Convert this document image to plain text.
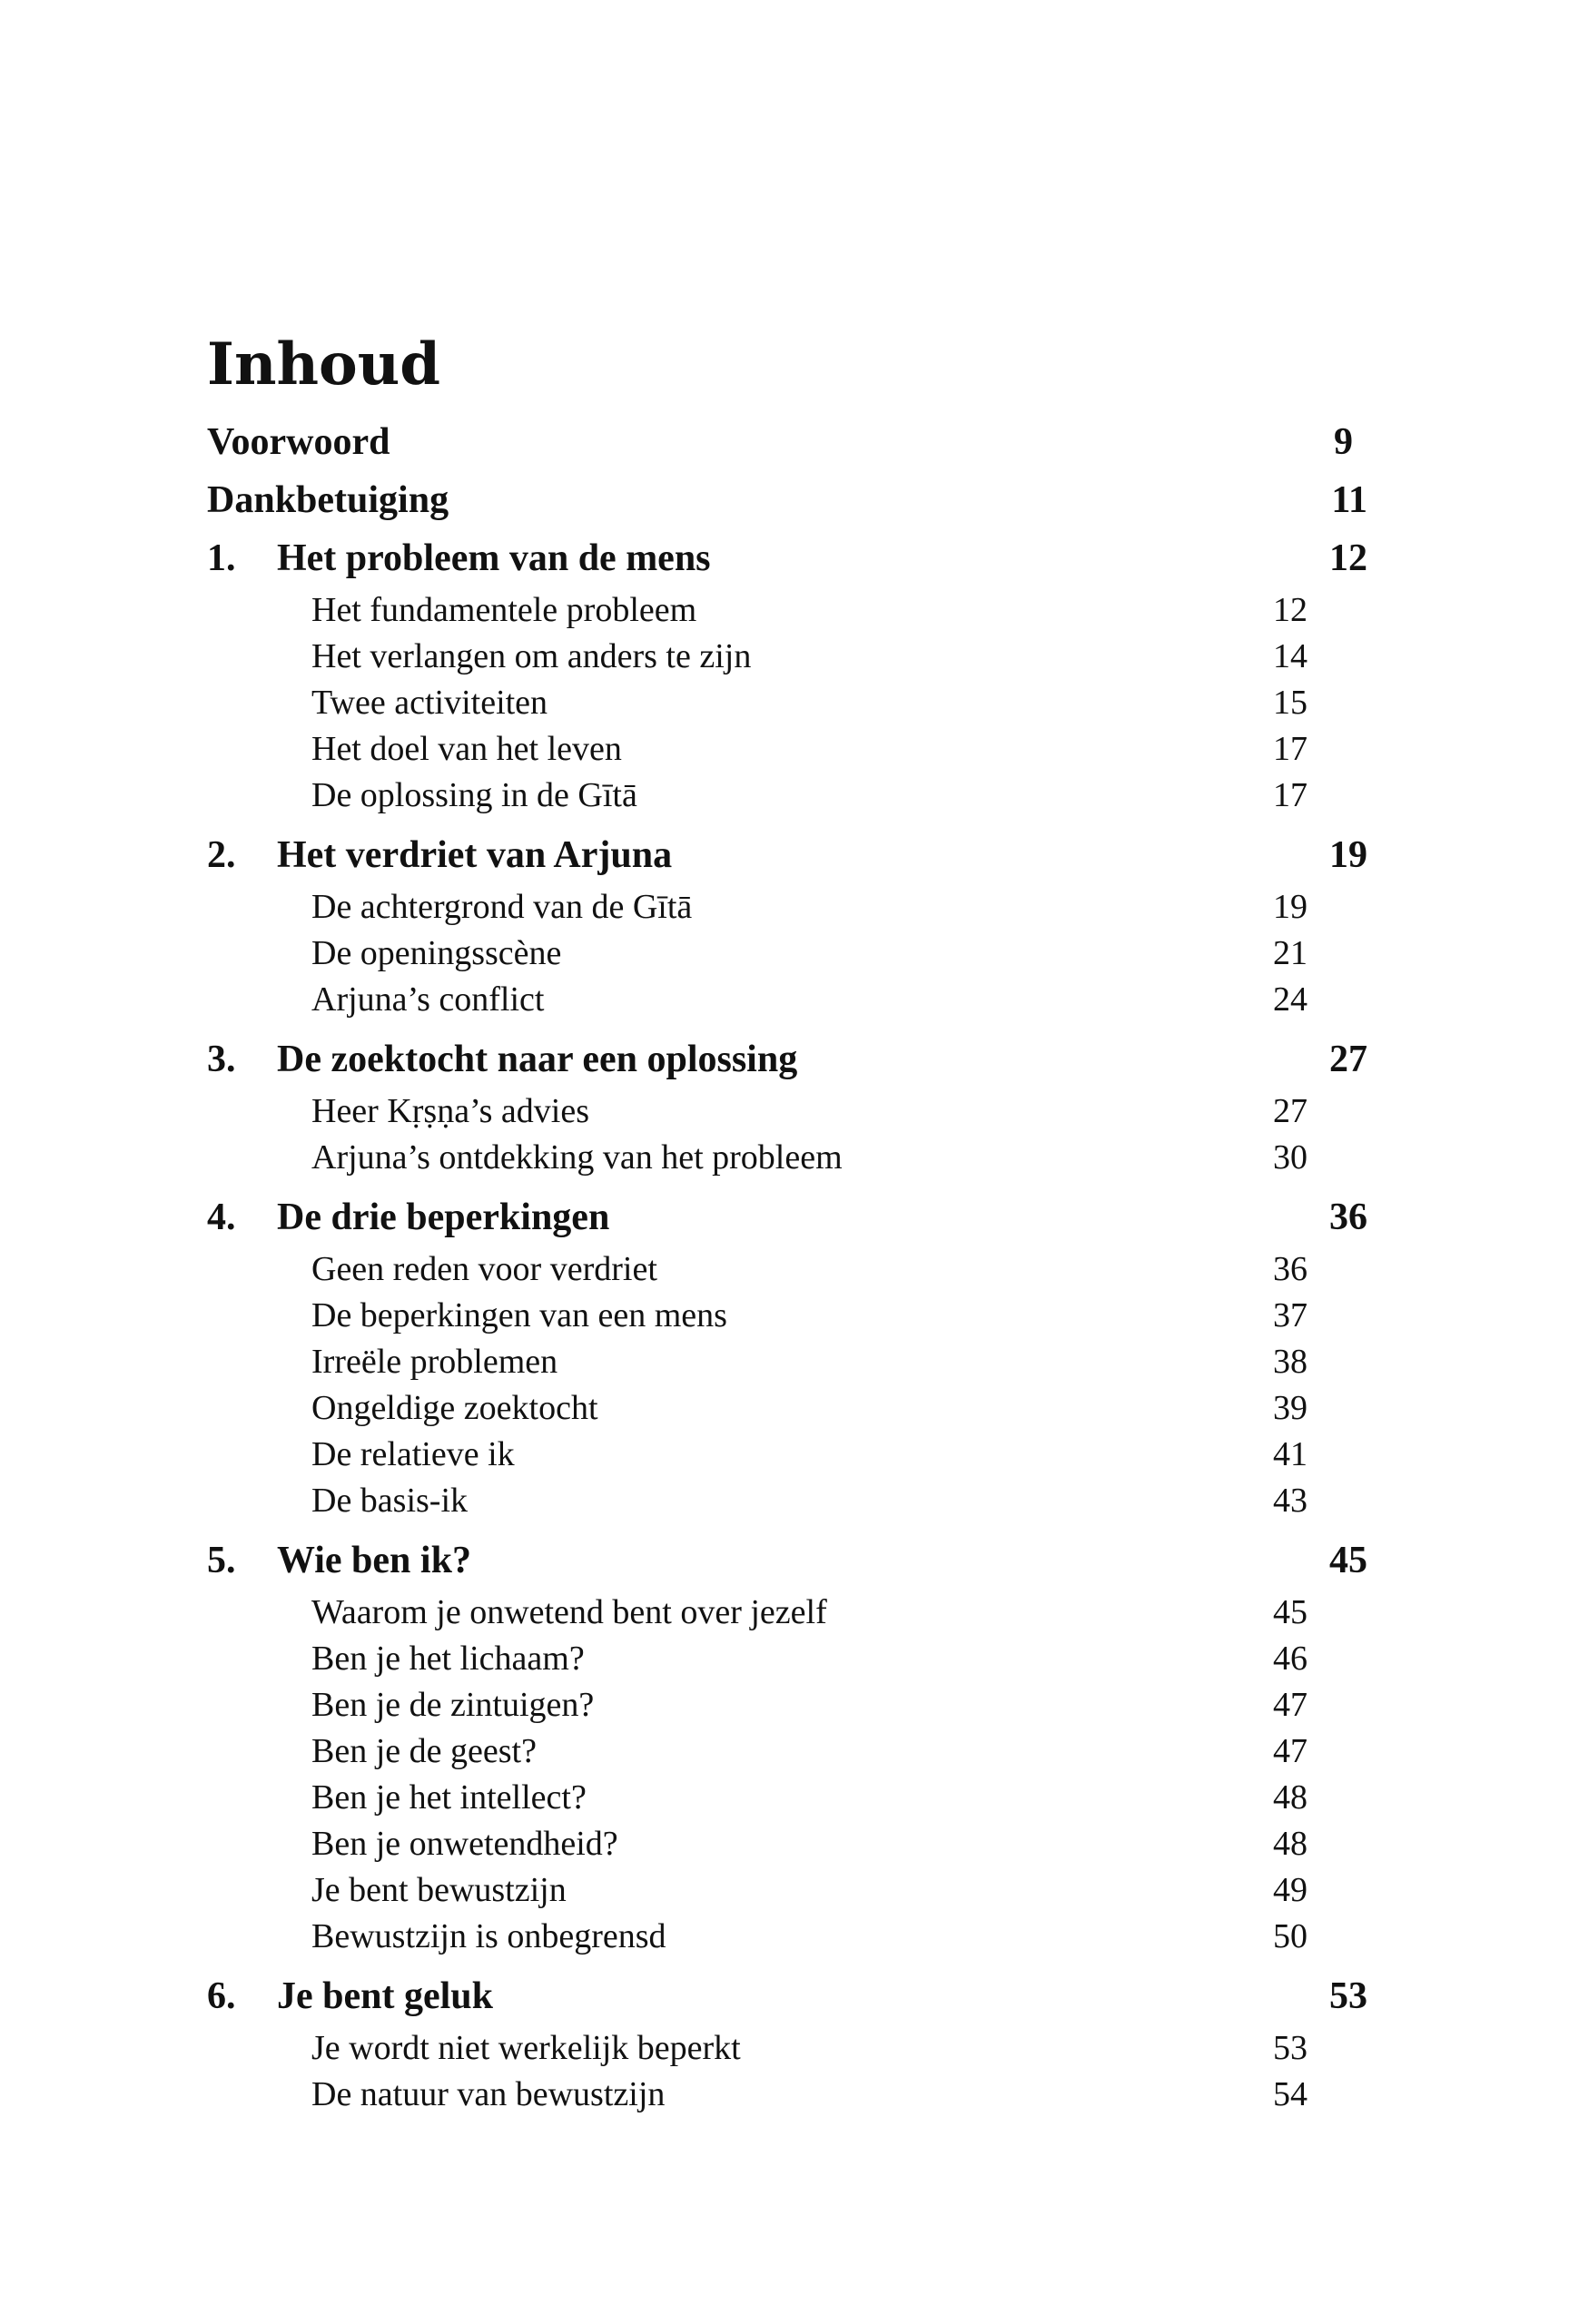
Inhoud
Voorwoord	9
Dankbetuiging	11
1. Het probleem van de mens	12
Het fundamentele probleem	12
Het verlangen om anders te zijn	14
Twee activiteiten	15
Het doel van het leven	17
De oplossing in de Gītā	17
2. Het verdriet van Arjuna	19
De achtergrond van de Gītā	19
De openingsscène	21
Arjuna’s conflict	24
3. De zoektocht naar een oplossing	27
Heer Kṛṣṇa’s advies	27
Arjuna’s ontdekking van het probleem	30
4. De drie beperkingen	36
Geen reden voor verdriet	36
De beperkingen van een mens	37
Irreële problemen	38
Ongeldige zoektocht	39
De relatieve ik	41
De basis-ik	43
5. Wie ben ik?	45
Waarom je onwetend bent over jezelf	45
Ben je het lichaam?	46
Ben je de zintuigen?	47
Ben je de geest?	47
Ben je het intellect?	48
Ben je onwetendheid?	48
Je bent bewustzijn	49
Bewustzijn is onbegrensd	50
6. Je bent geluk	53
Je wordt niet werkelijk beperkt	53
De natuur van bewustzijn	54
